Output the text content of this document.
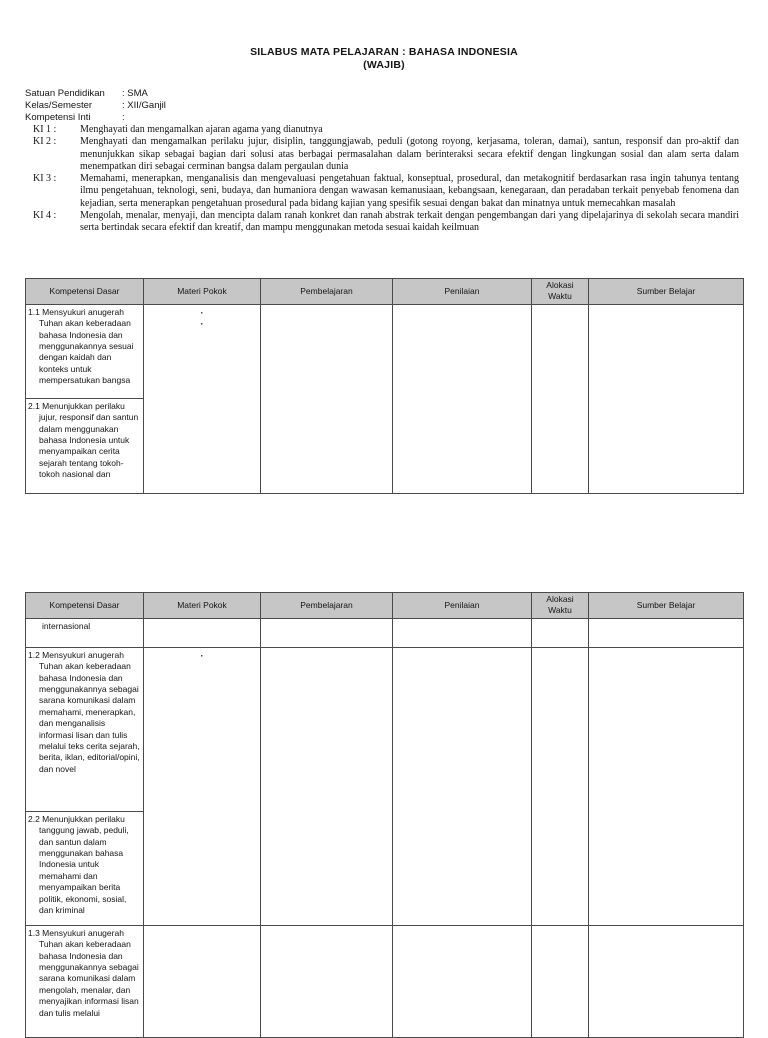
SILABUS MATA PELAJARAN : BAHASA INDONESIA
(WAJIB)
Satuan Pendidikan	: SMA
Kelas/Semester	: XII/Ganjil
Kompetensi Inti	:
KI 1 :	Menghayati dan mengamalkan ajaran agama yang dianutnya
KI 2 :	Menghayati dan mengamalkan perilaku jujur, disiplin, tanggungjawab, peduli (gotong royong, kerjasama, toleran, damai), santun, responsif dan pro-aktif dan menunjukkan sikap sebagai bagian dari solusi atas berbagai permasalahan dalam berinteraksi secara efektif dengan lingkungan sosial dan alam serta dalam menempatkan diri sebagai cerminan bangsa dalam pergaulan dunia
KI 3 :	Memahami, menerapkan, menganalisis dan mengevaluasi pengetahuan faktual, konseptual, prosedural, dan metakognitif berdasarkan rasa ingin tahunya tentang ilmu pengetahuan, teknologi, seni, budaya, dan humaniora dengan wawasan kemanusiaan, kebangsaan, kenegaraan, dan peradaban terkait penyebab fenomena dan kejadian, serta menerapkan pengetahuan prosedural pada bidang kajian yang spesifik sesuai dengan bakat dan minatnya untuk memecahkan masalah
KI 4 :	Mengolah, menalar, menyaji, dan mencipta dalam ranah konkret dan ranah abstrak terkait dengan pengembangan dari yang dipelajarinya di sekolah secara mandiri serta bertindak secara efektif dan kreatif, dan mampu menggunakan metoda sesuai kaidah keilmuan
Kompetensi Dasar	Materi Pokok	Pembelajaran	Penilaian	Alokasi Waktu	Sumber Belajar
1.1 Mensyukuri anugerah Tuhan akan keberadaan bahasa Indonesia dan menggunakannya sesuai dengan kaidah dan konteks untuk mempersatukan bangsa	·
·				

2.1 Menunjukkan perilaku jujur, responsif dan santun dalam menggunakan bahasa Indonesia untuk menyampaikan cerita sejarah tentang tokoh-tokoh nasional dan					
Kompetensi Dasar	Materi Pokok	Pembelajaran	Penilaian	Alokasi Waktu	Sumber Belajar
internasional					
1.2 Mensyukuri anugerah Tuhan akan keberadaan bahasa Indonesia dan menggunakannya sebagai sarana komunikasi dalam memahami, menerapkan, dan menganalisis informasi lisan dan tulis melalui teks cerita sejarah, berita, iklan, editorial/opini, dan novel	·				

2.2 Menunjukkan perilaku tanggung jawab, peduli, dan santun dalam menggunakan bahasa Indonesia untuk memahami dan menyampaikan berita politik, ekonomi, sosial, dan kriminal					
1.3 Mensyukuri anugerah Tuhan akan keberadaan bahasa Indonesia dan menggunakannya sebagai sarana komunikasi dalam mengolah, menalar, dan menyajikan informasi lisan dan tulis melalui					
